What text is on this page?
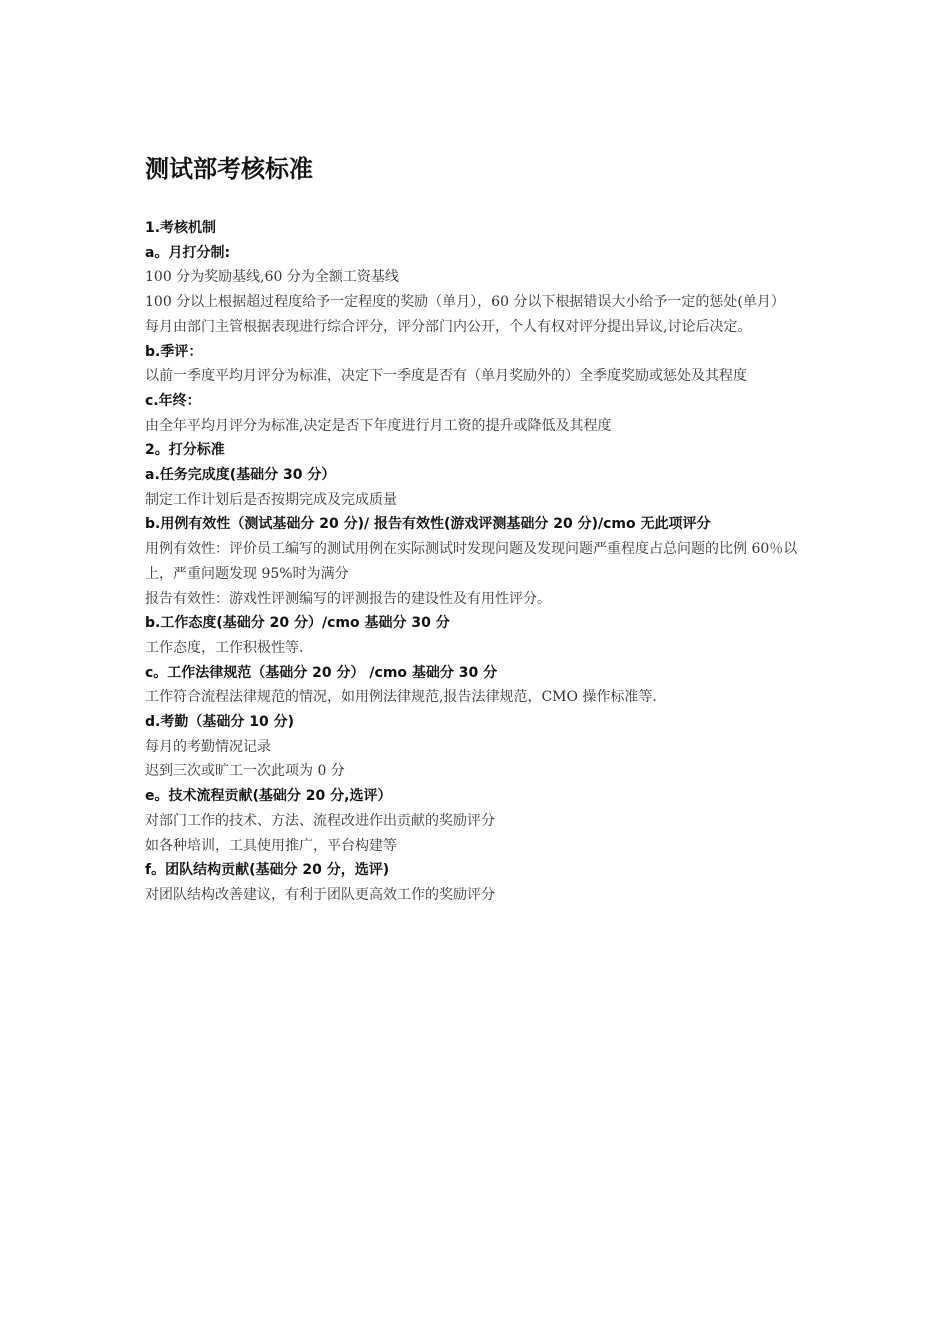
测试部考核标准

1.考核机制

a。月打分制:

100 分为奖励基线,60 分为全额工资基线

100 分以上根据超过程度给予一定程度的奖励（单月），60 分以下根据错误大小给予一定的惩处(单月）

每月由部门主管根据表现进行综合评分，评分部门内公开，个人有权对评分提出异议,讨论后决定。

b.季评：

以前一季度平均月评分为标准，决定下一季度是否有（单月奖励外的）全季度奖励或惩处及其程度

c.年终：

由全年平均月评分为标准,决定是否下年度进行月工资的提升或降低及其程度

2。打分标准

a.任务完成度(基础分 30 分）

制定工作计划后是否按期完成及完成质量

b.用例有效性（测试基础分 20 分)/ 报告有效性(游戏评测基础分 20 分)/cmo 无此项评分

用例有效性：评价员工编写的测试用例在实际测试时发现问题及发现问题严重程度占总问题的比例 60％以上，严重问题发现 95%时为满分

报告有效性：游戏性评测编写的评测报告的建设性及有用性评分。

b.工作态度(基础分 20 分）/cmo 基础分 30 分

工作态度，工作积极性等.

c。工作法律规范（基础分 20 分） /cmo 基础分 30 分

工作符合流程法律规范的情况，如用例法律规范,报告法律规范，CMO 操作标准等.

d.考勤（基础分 10 分)

每月的考勤情况记录

迟到三次或旷工一次此项为 0 分

e。技术流程贡献(基础分 20 分,选评）

对部门工作的技术、方法、流程改进作出贡献的奖励评分

如各种培训，工具使用推广，平台构建等

f。团队结构贡献(基础分 20 分，选评)

对团队结构改善建议，有利于团队更高效工作的奖励评分
